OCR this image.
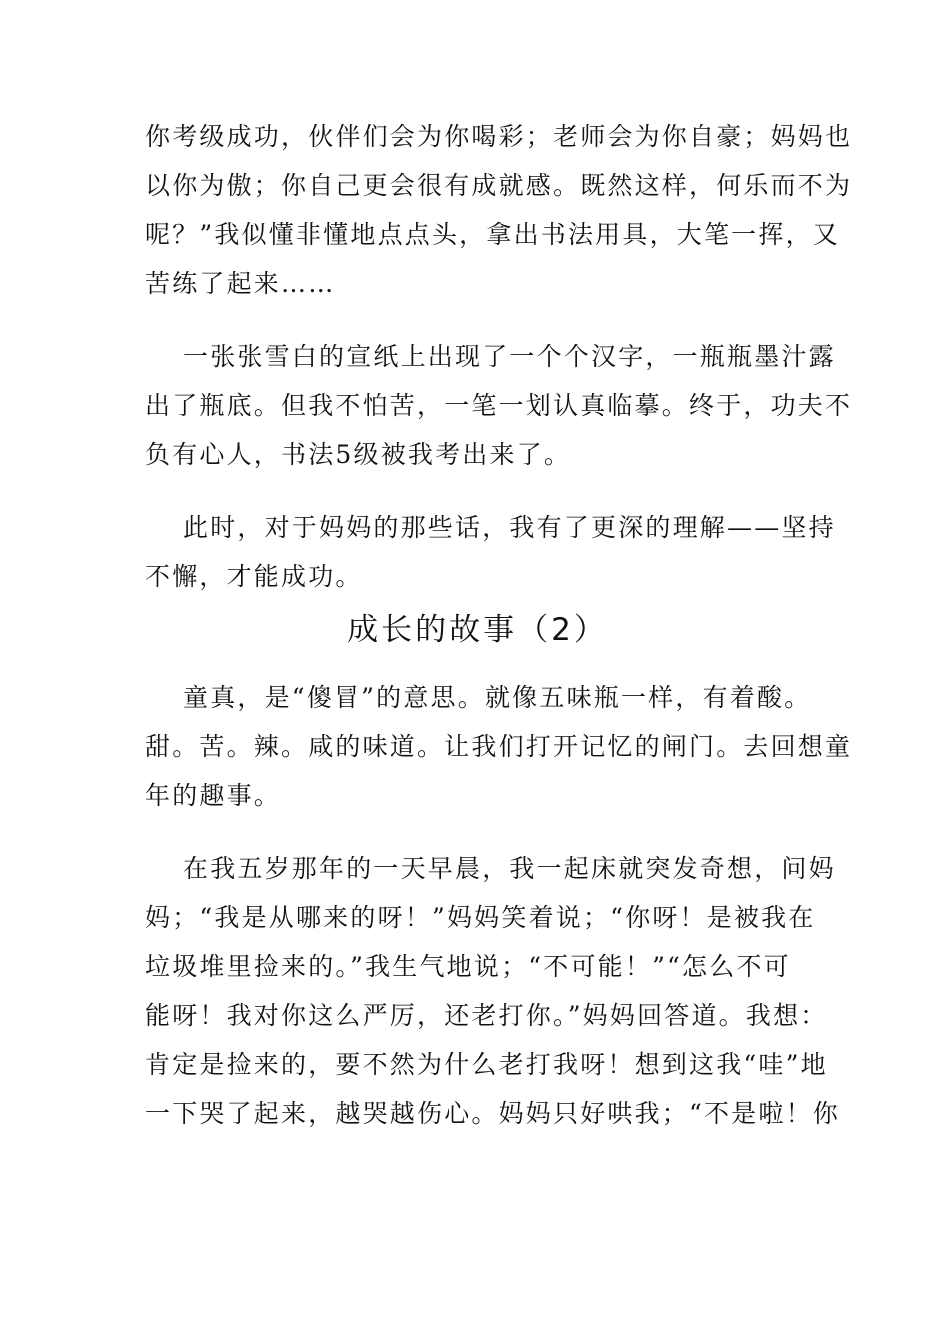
你考级成功，伙伴们会为你喝彩；老师会为你自豪；妈妈也
以你为傲；你自己更会很有成就感。既然这样，何乐而不为
呢？”我似懂非懂地点点头，拿出书法用具，大笔一挥，又
苦练了起来……
一张张雪白的宣纸上出现了一个个汉字，一瓶瓶墨汁露
出了瓶底。但我不怕苦，一笔一划认真临摹。终于，功夫不
负有心人，书法5级被我考出来了。
此时，对于妈妈的那些话，我有了更深的理解——坚持
不懈，才能成功。
成长的故事（2）
童真，是“傻冒”的意思。就像五味瓶一样，有着酸。
甜。苦。辣。咸的味道。让我们打开记忆的闸门。去回想童
年的趣事。
在我五岁那年的一天早晨，我一起床就突发奇想，问妈
妈；“我是从哪来的呀！”妈妈笑着说；“你呀！是被我在
垃圾堆里捡来的。”我生气地说；“不可能！”“怎么不可
能呀！我对你这么严厉，还老打你。”妈妈回答道。我想：
肯定是捡来的，要不然为什么老打我呀！想到这我“哇”地
一下哭了起来，越哭越伤心。妈妈只好哄我；“不是啦！你
